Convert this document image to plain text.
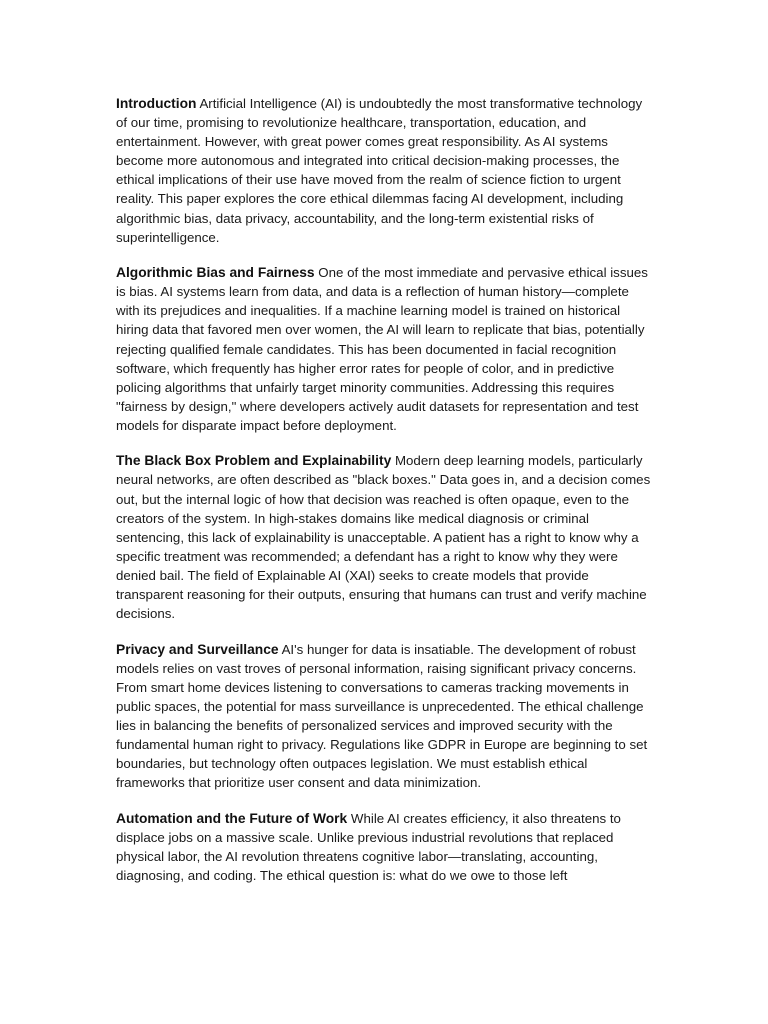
Introduction Artificial Intelligence (AI) is undoubtedly the most transformative technology of our time, promising to revolutionize healthcare, transportation, education, and entertainment. However, with great power comes great responsibility. As AI systems become more autonomous and integrated into critical decision-making processes, the ethical implications of their use have moved from the realm of science fiction to urgent reality. This paper explores the core ethical dilemmas facing AI development, including algorithmic bias, data privacy, accountability, and the long-term existential risks of superintelligence.

Algorithmic Bias and Fairness One of the most immediate and pervasive ethical issues is bias. AI systems learn from data, and data is a reflection of human history—complete with its prejudices and inequalities. If a machine learning model is trained on historical hiring data that favored men over women, the AI will learn to replicate that bias, potentially rejecting qualified female candidates. This has been documented in facial recognition software, which frequently has higher error rates for people of color, and in predictive policing algorithms that unfairly target minority communities. Addressing this requires "fairness by design," where developers actively audit datasets for representation and test models for disparate impact before deployment.

The Black Box Problem and Explainability Modern deep learning models, particularly neural networks, are often described as "black boxes." Data goes in, and a decision comes out, but the internal logic of how that decision was reached is often opaque, even to the creators of the system. In high-stakes domains like medical diagnosis or criminal sentencing, this lack of explainability is unacceptable. A patient has a right to know why a specific treatment was recommended; a defendant has a right to know why they were denied bail. The field of Explainable AI (XAI) seeks to create models that provide transparent reasoning for their outputs, ensuring that humans can trust and verify machine decisions.

Privacy and Surveillance AI's hunger for data is insatiable. The development of robust models relies on vast troves of personal information, raising significant privacy concerns. From smart home devices listening to conversations to cameras tracking movements in public spaces, the potential for mass surveillance is unprecedented. The ethical challenge lies in balancing the benefits of personalized services and improved security with the fundamental human right to privacy. Regulations like GDPR in Europe are beginning to set boundaries, but technology often outpaces legislation. We must establish ethical frameworks that prioritize user consent and data minimization.

Automation and the Future of Work While AI creates efficiency, it also threatens to displace jobs on a massive scale. Unlike previous industrial revolutions that replaced physical labor, the AI revolution threatens cognitive labor—translating, accounting, diagnosing, and coding. The ethical question is: what do we owe to those left
